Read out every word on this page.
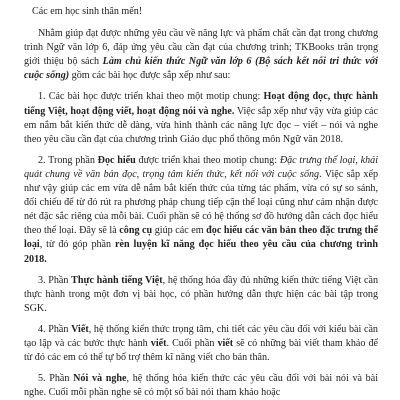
Các em học sinh thân mến!

Nhằm giúp đạt được những yêu cầu về năng lực và phẩm chất cần đạt trong chương trình Ngữ văn lớp 6, đáp ứng yêu cầu cần đạt của chương trình; TKBooks trân trọng giới thiệu bộ sách Làm chủ kiến thức Ngữ văn lớp 6 (Bộ sách kết nối tri thức với cuộc sống) gồm các bài học được sắp xếp như sau:

1. Các bài học được triển khai theo một motip chung: Hoạt động đọc, thực hành tiếng Việt, hoạt động viết, hoạt động nói và nghe. Việc sắp xếp như vậy vừa giúp các em nắm bắt kiến thức dễ dàng, vừa hình thành các năng lực đọc – viết – nói và nghe theo yêu cầu cần đạt của chương trình Giáo dục phổ thông môn Ngữ văn 2018.

2. Trong phần Đọc hiểu được triển khai theo motip chung: Đặc trưng thể loại, khái quát chung về văn bản đọc, trọng tâm kiến thức, kết nối với cuộc sống. Việc sắp xếp như vậy giúp các em vừa dễ nắm bắt kiến thức của từng tác phẩm, vừa có sự so sánh, đối chiếu để từ đó rút ra phương pháp chung tiếp cận thể loại cũng như cảm nhận được nét đặc sắc riêng của mỗi bài. Cuối phần sẽ có hệ thống sơ đồ hướng dẫn cách đọc hiểu theo thể loại. Đây sẽ là công cụ giúp các em đọc hiểu các văn bản theo đặc trưng thể loại, từ đó góp phần rèn luyện kĩ năng đọc hiểu theo yêu cầu của chương trình 2018.

3. Phần Thực hành tiếng Việt, hệ thống hóa đầy đủ những kiến thức tiếng Việt cần thực hành trong một đơn vị bài học, có phần hướng dẫn thực hiện các bài tập trong SGK.

4. Phần Viết, hệ thống kiến thức trọng tâm, chi tiết các yêu cầu đối với kiểu bài cần tạo lập và các bước thực hành viết. Cuối phần viết sẽ có những bài viết tham khảo để từ đó các em có thể tự bổ trợ thêm kĩ năng viết cho bản thân.

5. Phần Nói và nghe, hệ thống hóa kiến thức các yêu cầu đối với bài nói và bài nghe. Cuối mỗi phần nghe sẽ có một số bài nói tham khảo hoặc
